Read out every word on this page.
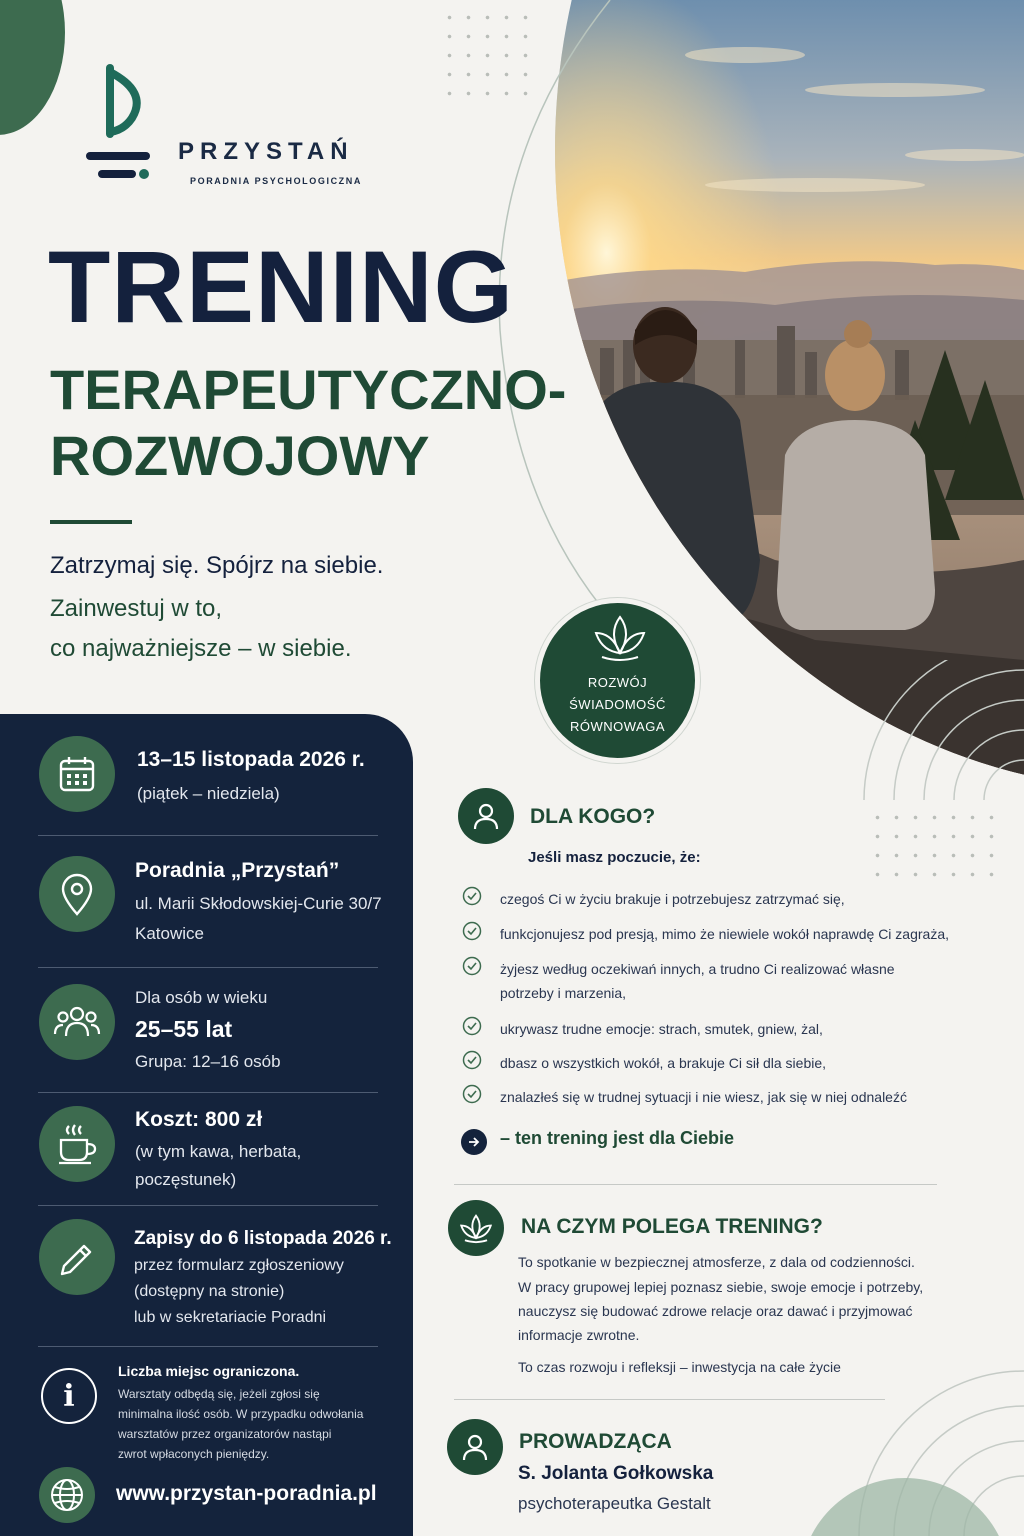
PRZYSTAŃ
PORADNIA PSYCHOLOGICZNA
TRENING
TERAPEUTYCZNO-
ROZWOJOWY
Zatrzymaj się. Spójrz na siebie.
Zainwestuj w to,
co najważniejsze – w siebie.
ROZWÓJ
ŚWIADOMOŚĆ
RÓWNOWAGA
13–15 listopada 2026 r.
(piątek – niedziela)
Poradnia „Przystań”
ul. Marii Skłodowskiej-Curie 30/7
Katowice
Dla osób w wieku
25–55 lat
Grupa: 12–16 osób
Koszt: 800 zł
(w tym kawa, herbata,
poczęstunek)
Zapisy do 6 listopada 2026 r.
przez formularz zgłoszeniowy
(dostępny na stronie)
lub w sekretariacie Poradni
i
Liczba miejsc ograniczona.
Warsztaty odbędą się, jeżeli zgłosi się
minimalna ilość osób. W przypadku odwołania
warsztatów przez organizatorów nastąpi
zwrot wpłaconych pieniędzy.
www.przystan-poradnia.pl
DLA KOGO?
Jeśli masz poczucie, że:
czegoś Ci w życiu brakuje i potrzebujesz zatrzymać się,
funkcjonujesz pod presją, mimo że niewiele wokół naprawdę Ci zagraża,
żyjesz według oczekiwań innych, a trudno Ci realizować własne potrzeby i marzenia,
ukrywasz trudne emocje: strach, smutek, gniew, żal,
dbasz o wszystkich wokół, a brakuje Ci sił dla siebie,
znalazłeś się w trudnej sytuacji i nie wiesz, jak się w niej odnaleźć
– ten trening jest dla Ciebie
NA CZYM POLEGA TRENING?
To spotkanie w bezpiecznej atmosferze, z dala od codzienności.
W pracy grupowej lepiej poznasz siebie, swoje emocje i potrzeby,
nauczysz się budować zdrowe relacje oraz dawać i przyjmować
informacje zwrotne.
To czas rozwoju i refleksji – inwestycja na całe życie
PROWADZĄCA
S. Jolanta Gołkowska
psychoterapeutka Gestalt
